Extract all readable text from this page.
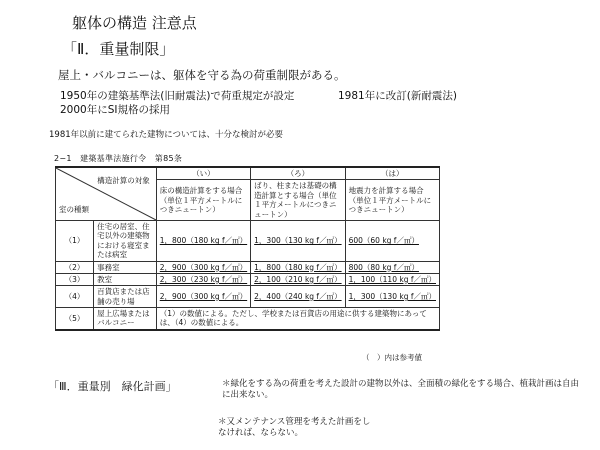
躯体の構造 注意点
「Ⅱ．重量制限」
屋上・バルコニーは、躯体を守る為の荷重制限がある。
1950年の建築基準法(旧耐震法)で荷重規定が設定	1981年に改訂(新耐震法)
2000年にSI規格の採用
1981年以前に建てられた建物については、十分な検討が必要
2−1　建築基準法施行令　第85条
構造計算の対象
室の種類		（い）	（ろ）	（は）
		床の構造計算をする場合（単位１平方メートルにつきニュートン）	ばり、柱または基礎の構造計算とする場合（単位１平方メートルにつきニュートン）	地震力を計算する場合（単位１平方メートルにつきニュートン）
（1）	住宅の居室、住宅以外の建築物における寝室または病室	1，800（180 kg f／㎡）	1，300（130 kg f／㎡）	600（60 kg f／㎡）
（2）	事務室	2，900（300 kg f／㎡）	1，800（180 kg f／㎡）	800（80 kg f／㎡）
（3）	教室	2，300（230 kg f／㎡）	2，100（210 kg f／㎡）	1，100（110 kg f／㎡）
（4）	百貨店または店舗の売り場	2，900（300 kg f／㎡）	2，400（240 kg f／㎡）	1，300（130 kg f／㎡）
（5）	屋上広場またはバルコニー	（1）の数値による。ただし、学校または百貨店の用途に供する建築物にあっては、（4）の数値による。		
（　）内は参考値
「Ⅲ．重量別　緑化計画」	＊緑化をする為の荷重を考えた設計の建物以外は、全面積の緑化をする場合、植栽計画は自由に出来ない。
＊又メンテナンス管理を考えた計画をしなければ、ならない。
